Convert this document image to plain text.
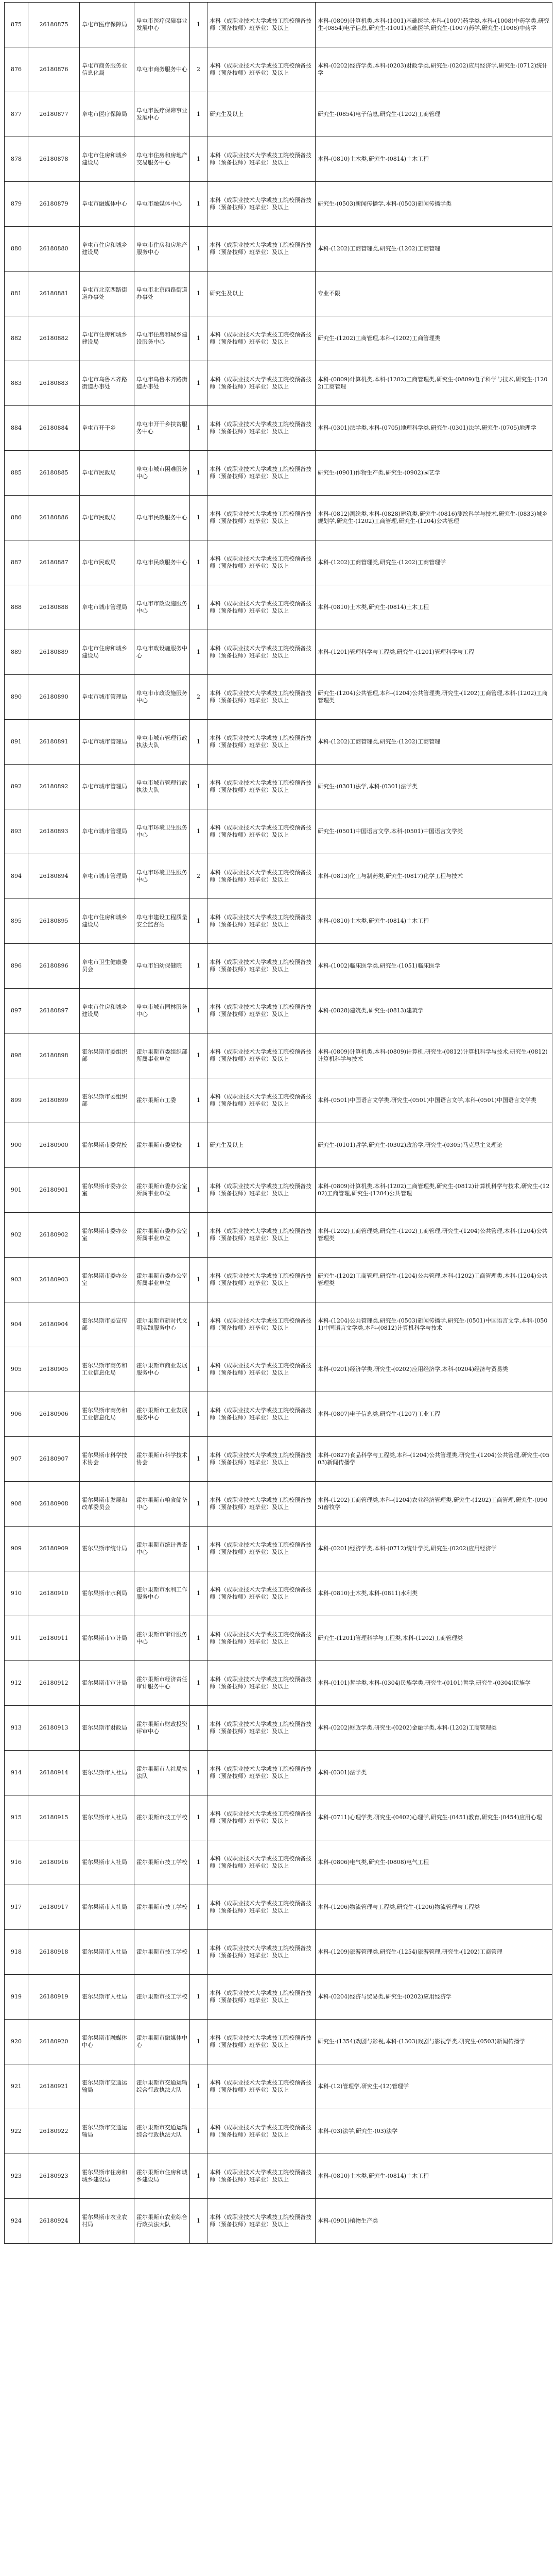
875	26180875	阜屯市医疗保障局	阜屯市医疗保障事业发展中心	1	本科（成职业技术大学或技工院校预备技师（预备技师）班毕业）及以上	本科-(0809)计算机类,本科-(1001)基础医学,本科-(1007)药学类,本科-(1008)中药学类,研究生-(0854)电子信息,研究生-(1001)基础医学,研究生-(1007)药学,研究生-(1008)中药学
876	26180876	阜屯市商务服务业信息化局	阜屯市商务服务中心	2	本科（成职业技术大学或技工院校预备技师（预备技师）班毕业）及以上	本科-(0202)经济学类,本科-(0203)财政学类,研究生-(0202)应用经济学,研究生-(0712)统计学
877	26180877	阜屯市医疗保障局	阜屯市医疗保障事业发展中心	1	研究生及以上	研究生-(0854)电子信息,研究生-(1202)工商管理
878	26180878	阜屯市住房和城乡建设局	阜屯市住房和房地产交易服务中心	1	本科（成职业技术大学或技工院校预备技师（预备技师）班毕业）及以上	本科-(0810)土木类,研究生-(0814)土木工程
879	26180879	阜屯市融媒体中心	阜屯市融媒体中心	1	本科（成职业技术大学或技工院校预备技师（预备技师）班毕业）及以上	研究生-(0503)新闻传播学,本科-(0503)新闻传播学类
880	26180880	阜屯市住房和城乡建设局	阜屯市住房和房地产服务中心	1	本科（成职业技术大学或技工院校预备技师（预备技师）班毕业）及以上	本科-(1202)工商管理类,研究生-(1202)工商管理
881	26180881	阜屯市北京西路街道办事处	阜屯市北京西路街道办事处	1	研究生及以上	专业不限
882	26180882	阜屯市住房和城乡建设局	阜屯市住房和城乡建设服务中心	1	本科（成职业技术大学或技工院校预备技师（预备技师）班毕业）及以上	研究生-(1202)工商管理,本科-(1202)工商管理类
883	26180883	阜屯市乌鲁木齐路街道办事处	阜屯市乌鲁木齐路街道办事处	1	本科（成职业技术大学或技工院校预备技师（预备技师）班毕业）及以上	本科-(0809)计算机类,本科-(1202)工商管理类,研究生-(0809)电子科学与技术,研究生-(1202)工商管理
884	26180884	阜屯市开干乡	阜屯市开干乡扶贫服务中心	1	本科（成职业技术大学或技工院校预备技师（预备技师）班毕业）及以上	本科-(0301)法学类,本科-(0705)地理科学类,研究生-(0301)法学,研究生-(0705)地理学
885	26180885	阜屯市民政局	阜屯市城市困难服务中心	1	本科（成职业技术大学或技工院校预备技师（预备技师）班毕业）及以上	研究生-(0901)作物生产类,研究生-(0902)园艺学
886	26180886	阜屯市民政局	阜屯市民政服务中心	1	本科（成职业技术大学或技工院校预备技师（预备技师）班毕业）及以上	本科-(0812)测绘类,本科-(0828)建筑类,研究生-(0816)测绘科学与技术,研究生-(0833)城乡规划学,研究生-(1202)工商管理,研究生-(1204)公共管理
887	26180887	阜屯市民政局	阜屯市民政服务中心	1	本科（成职业技术大学或技工院校预备技师（预备技师）班毕业）及以上	本科-(1202)工商管理类,研究生-(1202)工商管理学
888	26180888	阜屯市城市管理局	阜屯市市政设施服务中心	1	本科（成职业技术大学或技工院校预备技师（预备技师）班毕业）及以上	本科-(0810)土木类,研究生-(0814)土木工程
889	26180889	阜屯市住房和城乡建设局	阜屯市政设施服务中心	1	本科（成职业技术大学或技工院校预备技师（预备技师）班毕业）及以上	本科-(1201)管理科学与工程类,研究生-(1201)管理科学与工程
890	26180890	阜屯市城市管理局	阜屯市市政设施服务中心	2	本科（成职业技术大学或技工院校预备技师（预备技师）班毕业）及以上	研究生-(1204)公共管理,本科-(1204)公共管理类,研究生-(1202)工商管理,本科-(1202)工商管理类
891	26180891	阜屯市城市管理局	阜屯市城市管理行政执法大队	1	本科（成职业技术大学或技工院校预备技师（预备技师）班毕业）及以上	本科-(1202)工商管理类,研究生-(1202)工商管理
892	26180892	阜屯市城市管理局	阜屯市城市管理行政执法大队	1	本科（成职业技术大学或技工院校预备技师（预备技师）班毕业）及以上	研究生-(0301)法学,本科-(0301)法学类
893	26180893	阜屯市城市管理局	阜屯市环境卫生服务中心	1	本科（成职业技术大学或技工院校预备技师（预备技师）班毕业）及以上	研究生-(0501)中国语言文学,本科-(0501)中国语言文学类
894	26180894	阜屯市城市管理局	阜屯市环境卫生服务中心	2	本科（成职业技术大学或技工院校预备技师（预备技师）班毕业）及以上	本科-(0813)化工与制药类,研究生-(0817)化学工程与技术
895	26180895	阜屯市住房和城乡建设局	阜屯市建设工程质量安全监督站	1	本科（成职业技术大学或技工院校预备技师（预备技师）班毕业）及以上	本科-(0810)土木类,研究生-(0814)土木工程
896	26180896	阜屯市卫生健康委员会	阜屯市妇幼保健院	1	本科（成职业技术大学或技工院校预备技师（预备技师）班毕业）及以上	本科-(1002)临床医学类,研究生-(1051)临床医学
897	26180897	阜屯市住房和城乡建设局	阜屯市城市园林服务中心	1	本科（成职业技术大学或技工院校预备技师（预备技师）班毕业）及以上	本科-(0828)建筑类,研究生-(0813)建筑学
898	26180898	霍尔果斯市委组织部	霍尔果斯市委组织部所属事业单位	1	本科（成职业技术大学或技工院校预备技师（预备技师）班毕业）及以上	本科-(0809)计算机类,本科-(0809)计算机,研究生-(0812)计算机科学与技术,研究生-(0812)计算机科学与技术
899	26180899	霍尔果斯市委组织部	霍尔果斯市工委	1	本科（成职业技术大学或技工院校预备技师（预备技师）班毕业）及以上	本科-(0501)中国语言文学类,研究生-(0501)中国语言文学,本科-(0501)中国语言文学类
900	26180900	霍尔果斯市委党校	霍尔果斯市委党校	1	研究生及以上	研究生-(0101)哲学,研究生-(0302)政治学,研究生-(0305)马克思主义理论
901	26180901	霍尔果斯市委办公室	霍尔果斯市委办公室所属事业单位	1	本科（成职业技术大学或技工院校预备技师（预备技师）班毕业）及以上	本科-(0809)计算机类,本科-(1202)工商管理类,研究生-(0812)计算机科学与技术,研究生-(1202)工商管理,研究生-(1204)公共管理
902	26180902	霍尔果斯市委办公室	霍尔果斯市委办公室所属事业单位	1	本科（成职业技术大学或技工院校预备技师（预备技师）班毕业）及以上	本科-(1202)工商管理类,研究生-(1202)工商管理,研究生-(1204)公共管理,本科-(1204)公共管理类
903	26180903	霍尔果斯市委办公室	霍尔果斯市委办公室所属事业单位	1	本科（成职业技术大学或技工院校预备技师（预备技师）班毕业）及以上	研究生-(1202)工商管理,研究生-(1204)公共管理,本科-(1202)工商管理类,本科-(1204)公共管理类
904	26180904	霍尔果斯市委宣传部	霍尔果斯市新时代文明实践服务中心	1	本科（成职业技术大学或技工院校预备技师（预备技师）班毕业）及以上	本科-(1204)公共管理类,研究生-(0503)新闻传播学,研究生-(0501)中国语言文学,本科-(0501)中国语言文学类,本科-(0812)计算机科学与技术
905	26180905	霍尔果斯市商务和工业信息化局	霍尔果斯市商业发展服务中心	1	本科（成职业技术大学或技工院校预备技师（预备技师）班毕业）及以上	本科-(0201)经济学类,研究生-(0202)应用经济学,本科-(0204)经济与贸易类
906	26180906	霍尔果斯市商务和工业信息化局	霍尔果斯市工业发展服务中心	1	本科（成职业技术大学或技工院校预备技师（预备技师）班毕业）及以上	本科-(0807)电子信息类,研究生-(1207)工业工程
907	26180907	霍尔果斯市科学技术协会	霍尔果斯市科学技术协会	1	本科（成职业技术大学或技工院校预备技师（预备技师）班毕业）及以上	本科-(0827)食品科学与工程类,本科-(1204)公共管理类,研究生-(1204)公共管理,研究生-(0503)新闻传播学
908	26180908	霍尔果斯市发展和改革委员会	霍尔果斯市粮食储备中心	1	本科（成职业技术大学或技工院校预备技师（预备技师）班毕业）及以上	本科-(1202)工商管理类,本科-(1204)农业经济管理类,研究生-(1202)工商管理,研究生-(0905)畜牧学
909	26180909	霍尔果斯市统计局	霍尔果斯市统计普查中心	1	本科（成职业技术大学或技工院校预备技师（预备技师）班毕业）及以上	本科-(0201)经济学类,本科-(0712)统计学类,研究生-(0202)应用经济学
910	26180910	霍尔果斯市水利局	霍尔果斯市水利工作服务中心	1	本科（成职业技术大学或技工院校预备技师（预备技师）班毕业）及以上	本科-(0810)土木类,本科-(0811)水利类
911	26180911	霍尔果斯市审计局	霍尔果斯市审计服务中心	1	本科（成职业技术大学或技工院校预备技师（预备技师）班毕业）及以上	研究生-(1201)管理科学与工程类,本科-(1202)工商管理类
912	26180912	霍尔果斯市审计局	霍尔果斯市经济责任审计服务中心	1	本科（成职业技术大学或技工院校预备技师（预备技师）班毕业）及以上	本科-(0101)哲学类,本科-(0304)民族学类,研究生-(0101)哲学,研究生-(0304)民族学
913	26180913	霍尔果斯市财政局	霍尔果斯市财政投资评审中心	1	本科（成职业技术大学或技工院校预备技师（预备技师）班毕业）及以上	本科-(0202)财政学类,研究生-(0202)金融学类,本科-(1202)工商管理类
914	26180914	霍尔果斯市人社局	霍尔果斯市人社局执法队	1	本科（成职业技术大学或技工院校预备技师（预备技师）班毕业）及以上	本科-(0301)法学类
915	26180915	霍尔果斯市人社局	霍尔果斯市技工学校	1	本科（成职业技术大学或技工院校预备技师（预备技师）班毕业）及以上	本科-(0711)心理学类,研究生-(0402)心理学,研究生-(0451)教育,研究生-(0454)应用心理
916	26180916	霍尔果斯市人社局	霍尔果斯市技工学校	1	本科（成职业技术大学或技工院校预备技师（预备技师）班毕业）及以上	本科-(0806)电气类,研究生-(0808)电气工程
917	26180917	霍尔果斯市人社局	霍尔果斯市技工学校	1	本科（成职业技术大学或技工院校预备技师（预备技师）班毕业）及以上	本科-(1206)物流管理与工程类,研究生-(1206)物流管理与工程类
918	26180918	霍尔果斯市人社局	霍尔果斯市技工学校	1	本科（成职业技术大学或技工院校预备技师（预备技师）班毕业）及以上	本科-(1209)旅游管理类,研究生-(1254)旅游管理,研究生-(1202)工商管理
919	26180919	霍尔果斯市人社局	霍尔果斯市技工学校	1	本科（成职业技术大学或技工院校预备技师（预备技师）班毕业）及以上	本科-(0204)经济与贸易类,研究生-(0202)应用经济学
920	26180920	霍尔果斯市融媒体中心	霍尔果斯市融媒体中心	1	本科（成职业技术大学或技工院校预备技师（预备技师）班毕业）及以上	研究生-(1354)戏剧与影视,本科-(1303)戏剧与影视学类,研究生-(0503)新闻传播学
921	26180921	霍尔果斯市交通运输局	霍尔果斯市交通运输综合行政执法大队	1	本科（成职业技术大学或技工院校预备技师（预备技师）班毕业）及以上	本科-(12)管理学,研究生-(12)管理学
922	26180922	霍尔果斯市交通运输局	霍尔果斯市交通运输综合行政执法大队	1	本科（成职业技术大学或技工院校预备技师（预备技师）班毕业）及以上	本科-(03)法学,研究生-(03)法学
923	26180923	霍尔果斯市住房和城乡建设局	霍尔果斯市住房和城乡建设局	1	本科（成职业技术大学或技工院校预备技师（预备技师）班毕业）及以上	本科-(0810)土木类,研究生-(0814)土木工程
924	26180924	霍尔果斯市农业农村局	霍尔果斯市农业综合行政执法大队	1	本科（成职业技术大学或技工院校预备技师（预备技师）班毕业）及以上	本科-(0901)植物生产类
